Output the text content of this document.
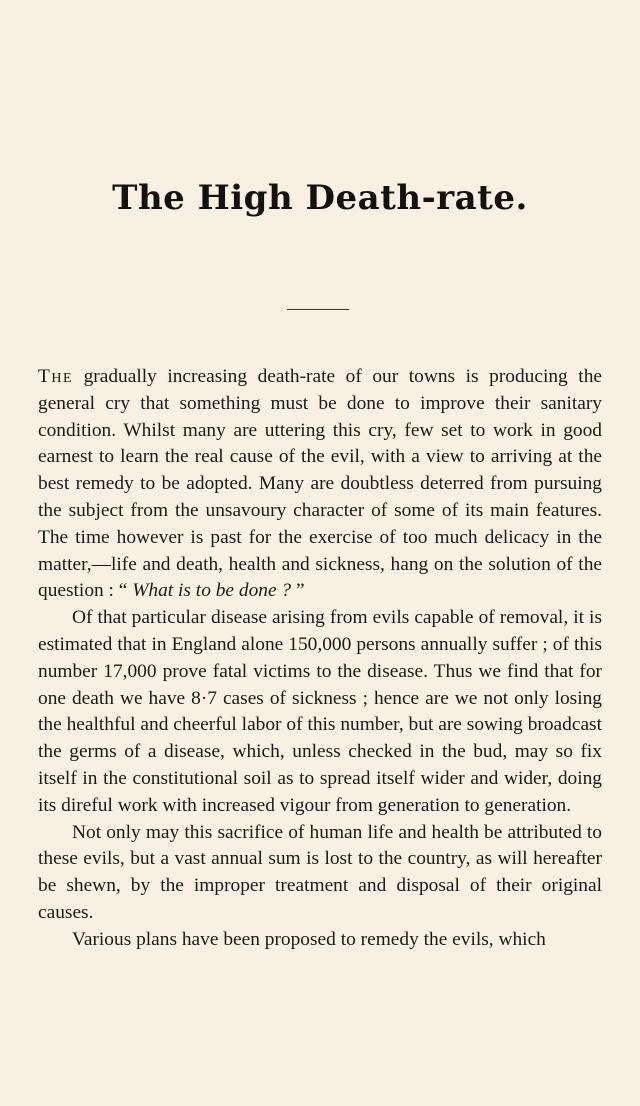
The High Death-rate.

The gradually increasing death-rate of our towns is producing the general cry that something must be done to improve their sanitary condition. Whilst many are uttering this cry, few set to work in good earnest to learn the real cause of the evil, with a view to arriving at the best remedy to be adopted. Many are doubtless deterred from pursuing the subject from the unsavoury character of some of its main features. The time however is past for the exercise of too much delicacy in the matter,—life and death, health and sickness, hang on the solution of the question : “ What is to be done ? ”

Of that particular disease arising from evils capable of removal, it is estimated that in England alone 150,000 persons annually suffer ; of this number 17,000 prove fatal victims to the disease. Thus we find that for one death we have 8·7 cases of sickness ; hence are we not only losing the healthful and cheerful labor of this number, but are sowing broadcast the germs of a disease, which, unless checked in the bud, may so fix itself in the constitutional soil as to spread itself wider and wider, doing its direful work with increased vigour from generation to generation.

Not only may this sacrifice of human life and health be attributed to these evils, but a vast annual sum is lost to the country, as will hereafter be shewn, by the improper treatment and disposal of their original causes.

Various plans have been proposed to remedy the evils, which
